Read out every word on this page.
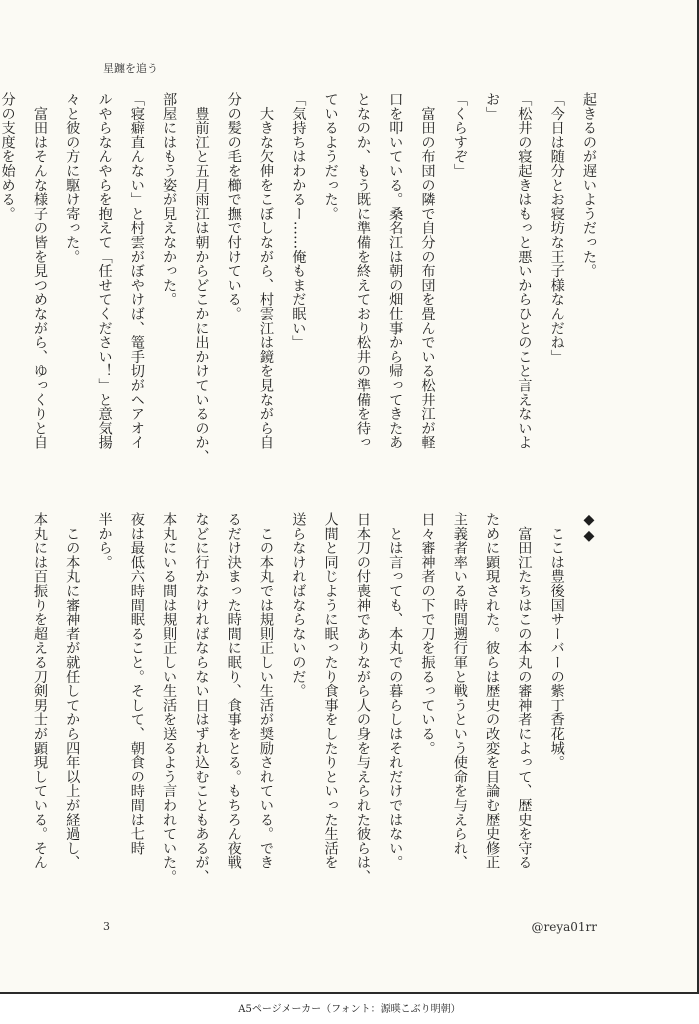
星躔を追う
起きるのが遅いようだった。
「今日は随分とお寝坊な王子様なんだね」
「松井の寝起きはもっと悪いからひとのこと言えないよ
お」
「くらすぞ」
　富田の布団の隣で自分の布団を畳んでいる松井江が軽
口を叩いている。桑名江は朝の畑仕事から帰ってきたあ
となのか、もう既に準備を終えており松井の準備を待っ
ているようだった。
「気持ちはわかるー……俺もまだ眠い」
　大きな欠伸をこぼしながら、村雲江は鏡を見ながら自
分の髪の毛を櫛で撫で付けている。
　豊前江と五月雨江は朝からどこかに出かけているのか、
部屋にはもう姿が見えなかった。
「寝癖直んない」と村雲がぼやけば、篭手切がヘアオイ
ルやらなんやらを抱えて「任せてください！」と意気揚
々と彼の方に駆け寄った。
　富田はそんな様子の皆を見つめながら、ゆっくりと自
分の支度を始める。
◆◆
　ここは豊後国サーバーの紫丁香花城。
　富田江たちはこの本丸の審神者によって、歴史を守る
ために顕現された。彼らは歴史の改変を目論む歴史修正
主義者率いる時間遡行軍と戦うという使命を与えられ、
日々審神者の下で刀を振るっている。
　とは言っても、本丸での暮らしはそれだけではない。
日本刀の付喪神でありながら人の身を与えられた彼らは、
人間と同じように眠ったり食事をしたりといった生活を
送らなければならないのだ。
　この本丸では規則正しい生活が奨励されている。でき
るだけ決まった時間に眠り、食事をとる。もちろん夜戦
などに行かなければならない日はずれ込むこともあるが、
本丸にいる間は規則正しい生活を送るよう言われていた。
夜は最低六時間眠ること。そして、朝食の時間は七時
半から。
　この本丸に審神者が就任してから四年以上が経過し、
本丸には百振りを超える刀剣男士が顕現している。そん
3	@reya01rr
A5ページメーカー（フォント：源暎こぶり明朝）
